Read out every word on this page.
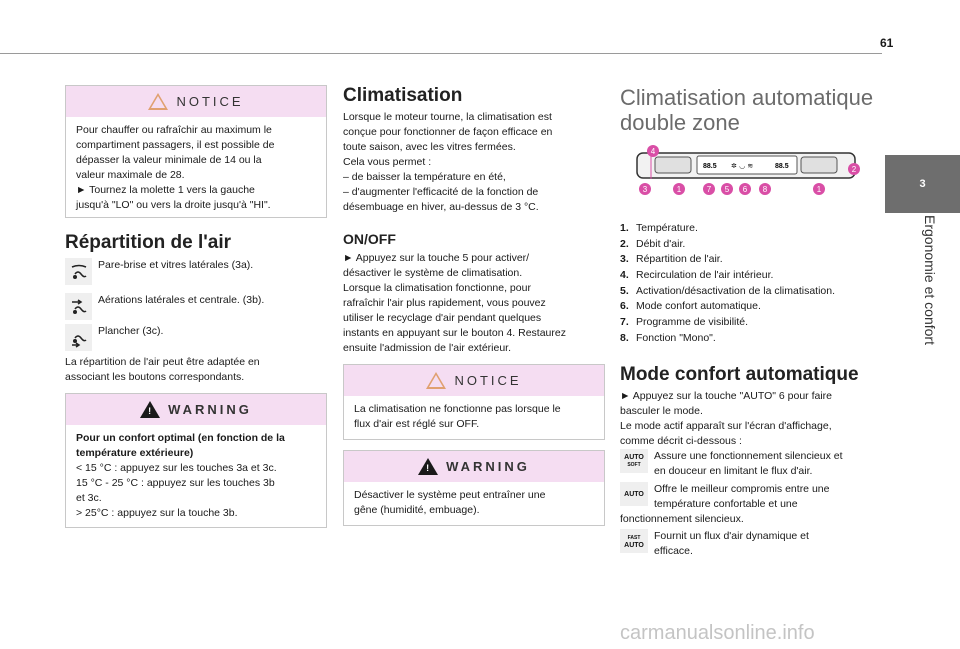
61
3
Ergonomie et confort
! NOTICE
Pour chauffer ou rafraîchir au maximum le
compartiment passagers, il est possible de
dépasser la valeur minimale de 14 ou la
valeur maximale de 28.
► Tournez la molette 1 vers la gauche
jusqu'à "LO" ou vers la droite jusqu'à "HI".
Répartition de l'air
Pare-brise et vitres latérales (3a).
Aérations latérales et centrale. (3b).
Plancher (3c).
La répartition de l'air peut être adaptée en
associant les boutons correspondants.
! WARNING
Pour un confort optimal (en fonction de la
température extérieure)
< 15 °C : appuyez sur les touches 3a et 3c.
15 °C - 25 °C : appuyez sur les touches 3b
et 3c.
> 25°C : appuyez sur la touche 3b.
Climatisation
Lorsque le moteur tourne, la climatisation est
conçue pour fonctionner de façon efficace en
toute saison, avec les vitres fermées.
Cela vous permet :
– de baisser la température en été,
– d'augmenter l'efficacité de la fonction de
désembuage en hiver, au-dessus de 3 °C.
ON/OFF
► Appuyez sur la touche 5 pour activer/
désactiver le système de climatisation.
Lorsque la climatisation fonctionne, pour
rafraîchir l'air plus rapidement, vous pouvez
utiliser le recyclage d'air pendant quelques
instants en appuyant sur le bouton 4. Restaurez
ensuite l'admission de l'air extérieur.
! NOTICE
La climatisation ne fonctionne pas lorsque le
flux d'air est réglé sur OFF.
! WARNING
Désactiver le système peut entraîner une
gêne (humidité, embuage).
Climatisation automatique
double zone
88.5	88.5
✲ ◡ ≋
4
2
3	1	7 5 6 8	1
1. Température.
2. Débit d'air.
3. Répartition de l'air.
4. Recirculation de l'air intérieur.
5. Activation/désactivation de la climatisation.
6. Mode confort automatique.
7. Programme de visibilité.
8. Fonction "Mono".
Mode confort automatique
► Appuyez sur la touche "AUTO" 6 pour faire
basculer le mode.
Le mode actif apparaît sur l'écran d'affichage,
comme décrit ci-dessous :
AUTO
SOFT
Assure une fonctionnement silencieux et
en douceur en limitant le flux d'air.
AUTO Offre le meilleur compromis entre une
température confortable et une
fonctionnement silencieux.
FAST
AUTO
Fournit un flux d'air dynamique et
efficace.
carmanualsonline.info
